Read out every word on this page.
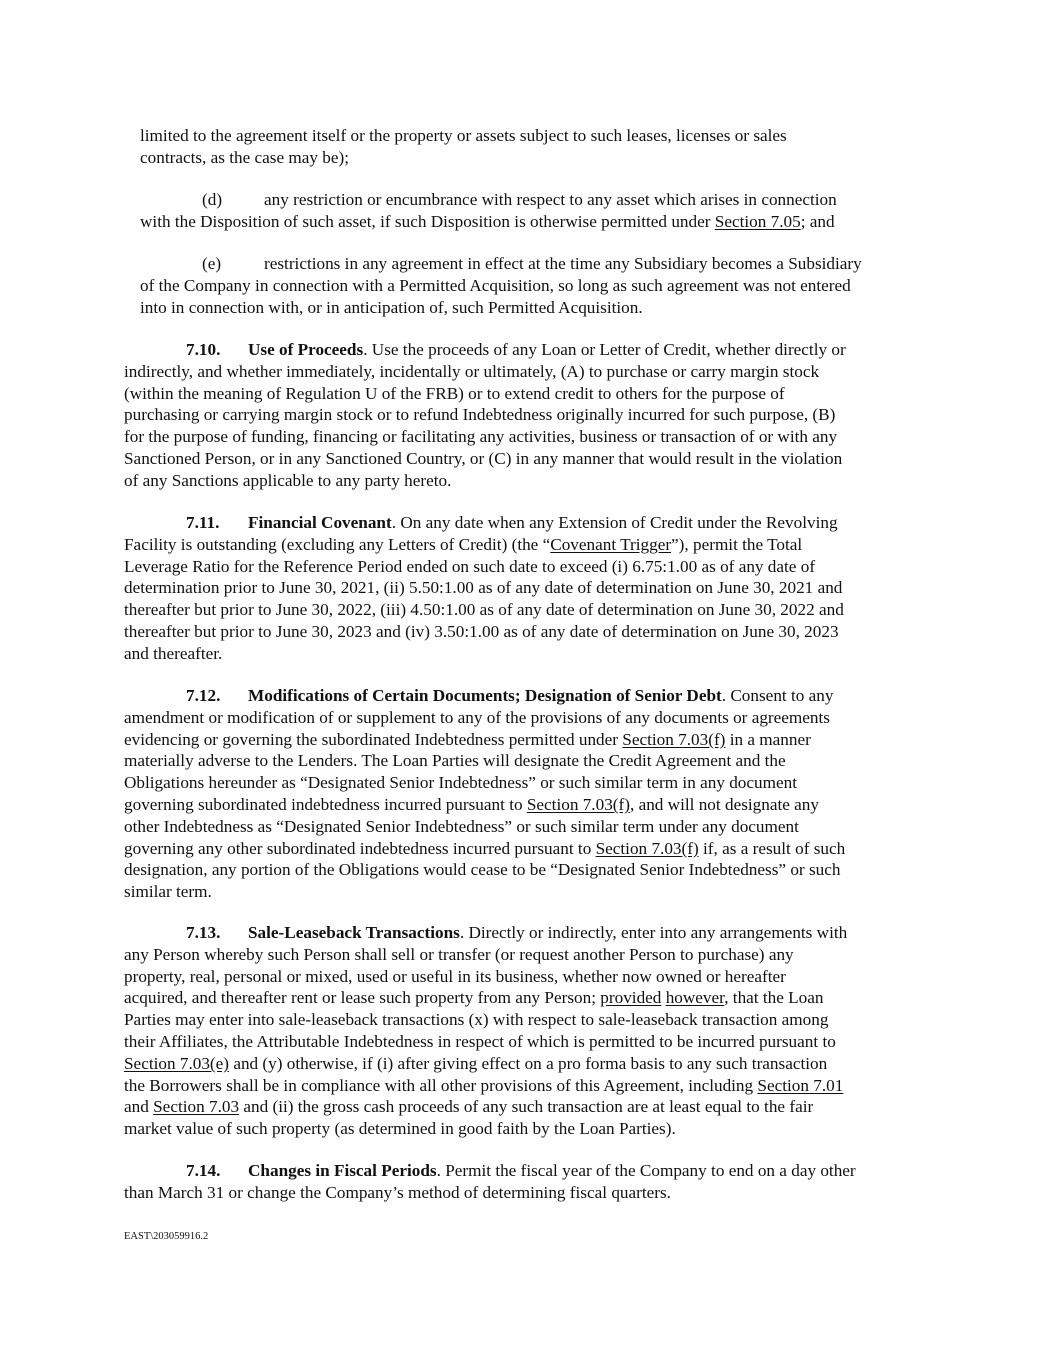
limited to the agreement itself or the property or assets subject to such leases, licenses or sales
contracts, as the case may be);

(d) any restriction or encumbrance with respect to any asset which arises in connection
with the Disposition of such asset, if such Disposition is otherwise permitted under Section 7.05; and

(e) restrictions in any agreement in effect at the time any Subsidiary becomes a Subsidiary
of the Company in connection with a Permitted Acquisition, so long as such agreement was not entered
into in connection with, or in anticipation of, such Permitted Acquisition.

7.10. Use of Proceeds. Use the proceeds of any Loan or Letter of Credit, whether directly or
indirectly, and whether immediately, incidentally or ultimately, (A) to purchase or carry margin stock
(within the meaning of Regulation U of the FRB) or to extend credit to others for the purpose of
purchasing or carrying margin stock or to refund Indebtedness originally incurred for such purpose, (B)
for the purpose of funding, financing or facilitating any activities, business or transaction of or with any
Sanctioned Person, or in any Sanctioned Country, or (C) in any manner that would result in the violation
of any Sanctions applicable to any party hereto.

7.11. Financial Covenant. On any date when any Extension of Credit under the Revolving
Facility is outstanding (excluding any Letters of Credit) (the “Covenant Trigger”), permit the Total
Leverage Ratio for the Reference Period ended on such date to exceed (i) 6.75:1.00 as of any date of
determination prior to June 30, 2021, (ii) 5.50:1.00 as of any date of determination on June 30, 2021 and
thereafter but prior to June 30, 2022, (iii) 4.50:1.00 as of any date of determination on June 30, 2022 and
thereafter but prior to June 30, 2023 and (iv) 3.50:1.00 as of any date of determination on June 30, 2023
and thereafter.

7.12. Modifications of Certain Documents; Designation of Senior Debt. Consent to any
amendment or modification of or supplement to any of the provisions of any documents or agreements
evidencing or governing the subordinated Indebtedness permitted under Section 7.03(f) in a manner
materially adverse to the Lenders. The Loan Parties will designate the Credit Agreement and the
Obligations hereunder as “Designated Senior Indebtedness” or such similar term in any document
governing subordinated indebtedness incurred pursuant to Section 7.03(f), and will not designate any
other Indebtedness as “Designated Senior Indebtedness” or such similar term under any document
governing any other subordinated indebtedness incurred pursuant to Section 7.03(f) if, as a result of such
designation, any portion of the Obligations would cease to be “Designated Senior Indebtedness” or such
similar term.

7.13. Sale-Leaseback Transactions. Directly or indirectly, enter into any arrangements with
any Person whereby such Person shall sell or transfer (or request another Person to purchase) any
property, real, personal or mixed, used or useful in its business, whether now owned or hereafter
acquired, and thereafter rent or lease such property from any Person; provided however, that the Loan
Parties may enter into sale-leaseback transactions (x) with respect to sale-leaseback transaction among
their Affiliates, the Attributable Indebtedness in respect of which is permitted to be incurred pursuant to
Section 7.03(e) and (y) otherwise, if (i) after giving effect on a pro forma basis to any such transaction
the Borrowers shall be in compliance with all other provisions of this Agreement, including Section 7.01
and Section 7.03 and (ii) the gross cash proceeds of any such transaction are at least equal to the fair
market value of such property (as determined in good faith by the Loan Parties).

7.14. Changes in Fiscal Periods. Permit the fiscal year of the Company to end on a day other
than March 31 or change the Company’s method of determining fiscal quarters.

EAST\203059916.2
